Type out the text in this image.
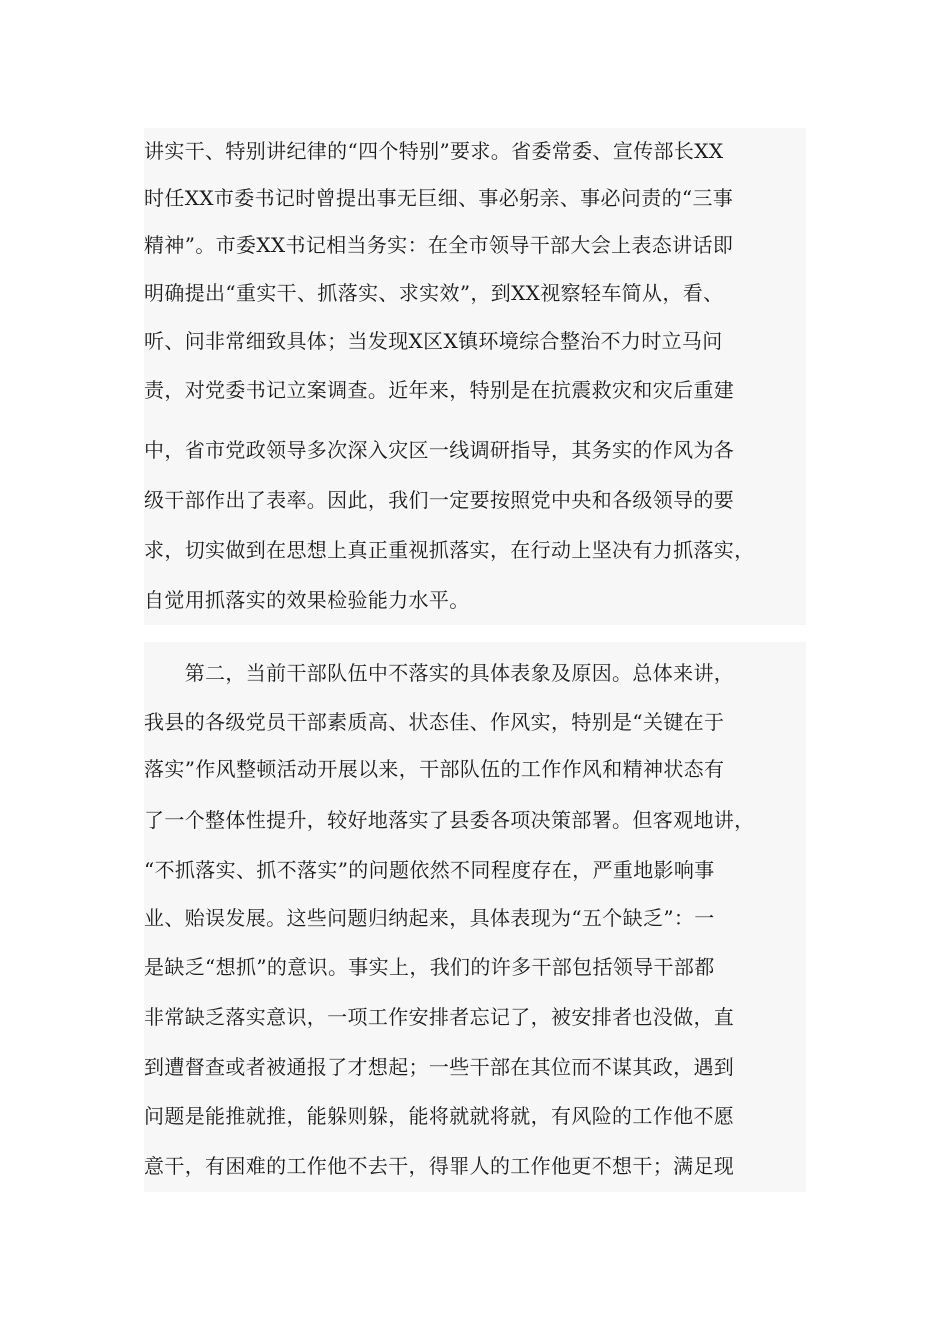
讲实干、特别讲纪律的“四个特别”要求。省委常委、宣传部长XX
时任XX市委书记时曾提出事无巨细、事必躬亲、事必问责的“三事
精神”。市委XX书记相当务实：在全市领导干部大会上表态讲话即
明确提出“重实干、抓落实、求实效”，到XX视察轻车简从，看、
听、问非常细致具体；当发现X区X镇环境综合整治不力时立马问
责，对党委书记立案调查。近年来，特别是在抗震救灾和灾后重建
中，省市党政领导多次深入灾区一线调研指导，其务实的作风为各
级干部作出了表率。因此，我们一定要按照党中央和各级领导的要
求，切实做到在思想上真正重视抓落实，在行动上坚决有力抓落实，
自觉用抓落实的效果检验能力水平。
　　第二，当前干部队伍中不落实的具体表象及原因。总体来讲，
我县的各级党员干部素质高、状态佳、作风实，特别是“关键在于
落实”作风整顿活动开展以来，干部队伍的工作作风和精神状态有
了一个整体性提升，较好地落实了县委各项决策部署。但客观地讲，
“不抓落实、抓不落实”的问题依然不同程度存在，严重地影响事
业、贻误发展。这些问题归纳起来，具体表现为“五个缺乏”：一
是缺乏“想抓”的意识。事实上，我们的许多干部包括领导干部都
非常缺乏落实意识，一项工作安排者忘记了，被安排者也没做，直
到遭督查或者被通报了才想起；一些干部在其位而不谋其政，遇到
问题是能推就推，能躲则躲，能将就就将就，有风险的工作他不愿
意干，有困难的工作他不去干，得罪人的工作他更不想干；满足现
